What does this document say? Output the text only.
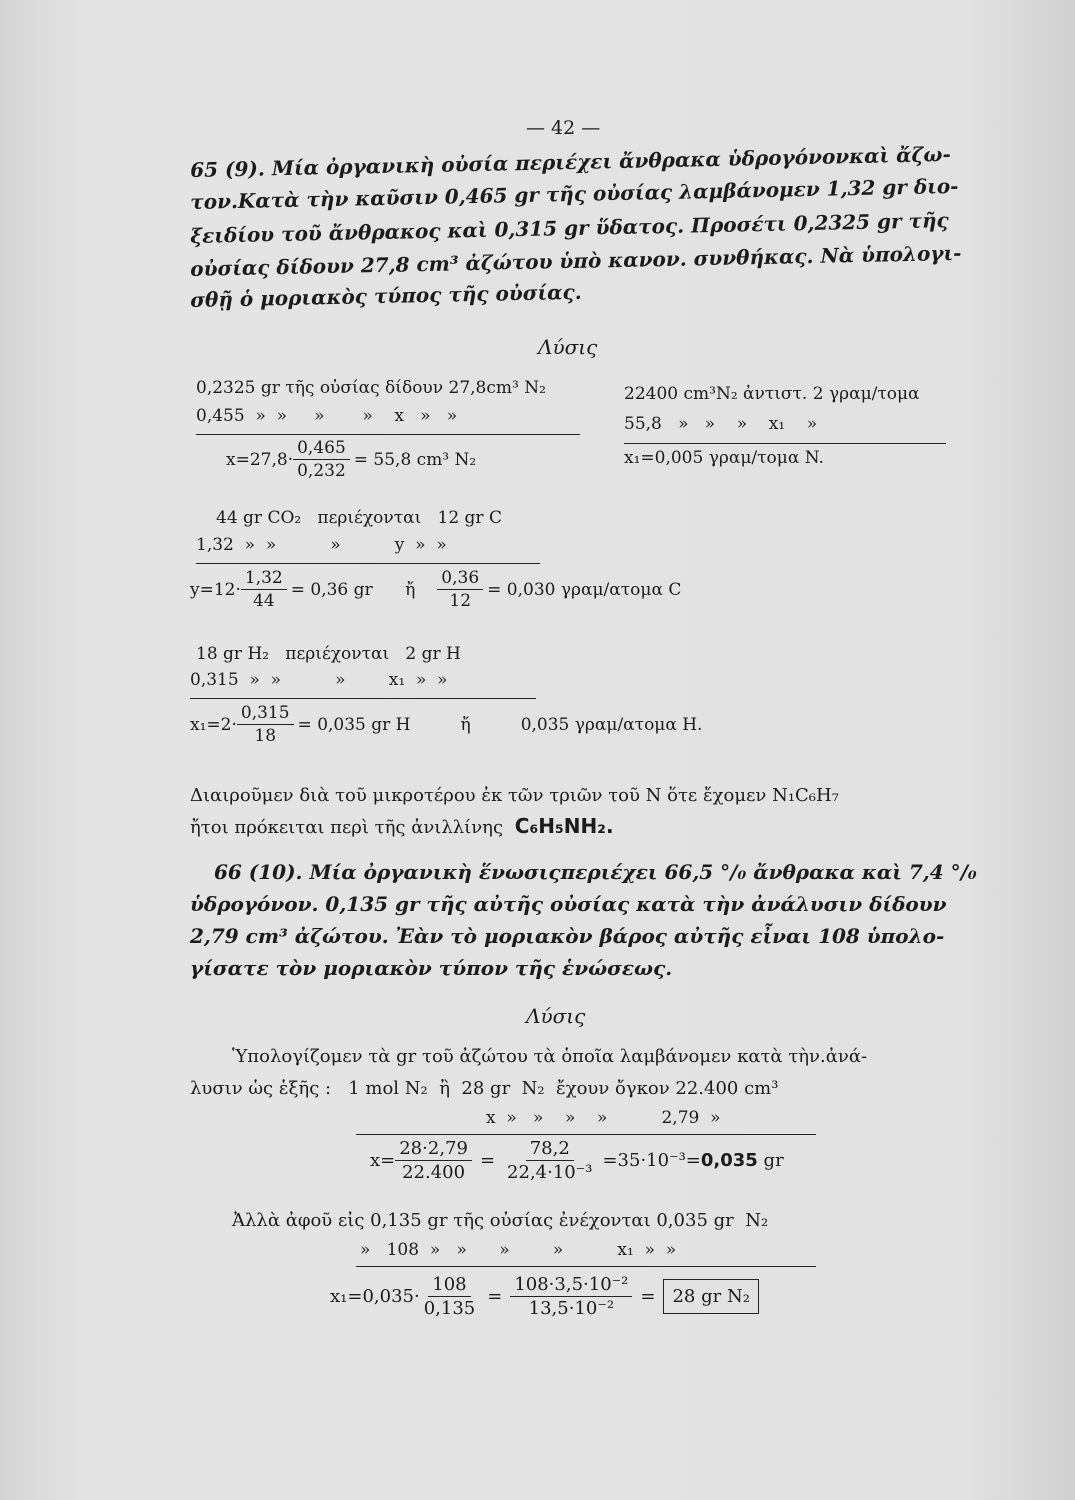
— 42 —
65 (9). Μία ὀργανικὴ οὐσία περιέχει ἄνθρακα ὑδρογόνονκαὶ ἄζω-
τον.Κατὰ τὴν καῦσιν 0,465 gr τῆς οὐσίας λαμβάνομεν 1,32 gr διο-
ξειδίου τοῦ ἄνθρακος καὶ 0,315 gr ὕδατος. Προσέτι 0,2325 gr τῆς
οὐσίας δίδουν 27,8 cm³ ἀζώτου ὑπὸ κανον. συνθήκας. Νὰ ὑπολογι-
σθῇ ὁ μοριακὸς τύπος τῆς οὐσίας.
Λύσις
0,2325 gr τῆς οὐσίας δίδουν 27,8cm³ N₂
0,455  »  »     »       »    x   »   »
$x=27,8\cdot \frac{0,465}{0,232} = 55,8$ cm³ N₂
22400 cm³N₂ ἀντιστ. 2 γραμ/τομα
55,8   »   »    »    x₁    »
x₁=0,005 γραμ/τομα N.
44 gr CO₂   περιέχονται   12 gr C
1,32  »  »          »          y  »  »
$y=12\cdot \frac{1,32}{44} = 0,36$ gr      ἤ $\frac{0,36}{12} = 0,030$ γραμ/ατομα C
18 gr H₂   περιέχονται   2 gr H
0,315  »  »          »        x₁  »  »
$x_1=2\cdot \frac{0,315}{18} = 0,035$ gr H	ἤ	0,035 γραμ/ατομα H.
Διαιροῦμεν διὰ τοῦ μικροτέρου ἐκ τῶν τριῶν τοῦ N ὅτε ἔχομεν N₁C₆H₇
ἤτοι πρόκειται περὶ τῆς ἀνιλλίνης C₆H₅NH₂.
66 (10). Μία ὀργανικὴ ἕνωσιςπεριέχει 66,5 °/₀ ἄνθρακα καὶ 7,4 °/₀
ὑδρογόνον. 0,135 gr τῆς αὐτῆς οὐσίας κατὰ τὴν ἀνάλυσιν δίδουν
2,79 cm³ ἀζώτου. Ἐὰν τὸ μοριακὸν βάρος αὐτῆς εἶναι 108 ὑπολο-
γίσατε τὸν μοριακὸν τύπον τῆς ἑνώσεως.
Λύσις
Ὑπολογίζομεν τὰ gr τοῦ ἀζώτου τὰ ὁποῖα λαμβάνομεν κατὰ τὴν.ἀνά-
λυσιν ὡς ἑξῆς :   1 mol N₂  ἢ  28 gr  N₂  ἔχουν ὄγκον 22.400 cm³
x  »   »    »    »          2,79  »
$x= \frac{28\cdot 2,79}{22.400} = \frac{78,2}{\text{22,4·10⁻³}} =35\cdot 10^{-3}= 0,035$ gr
Ἀλλὰ ἀφοῦ εἰς 0,135 gr τῆς οὐσίας ἐνέχονται 0,035 gr  N₂
»   108  »   »      »        »          x₁  »  »
$x_1=0,035\cdot \frac{108}{0,135} = \frac{\text{108·3,5·10⁻²}}{\text{13,5·10⁻²}} = 28$ gr N₂
